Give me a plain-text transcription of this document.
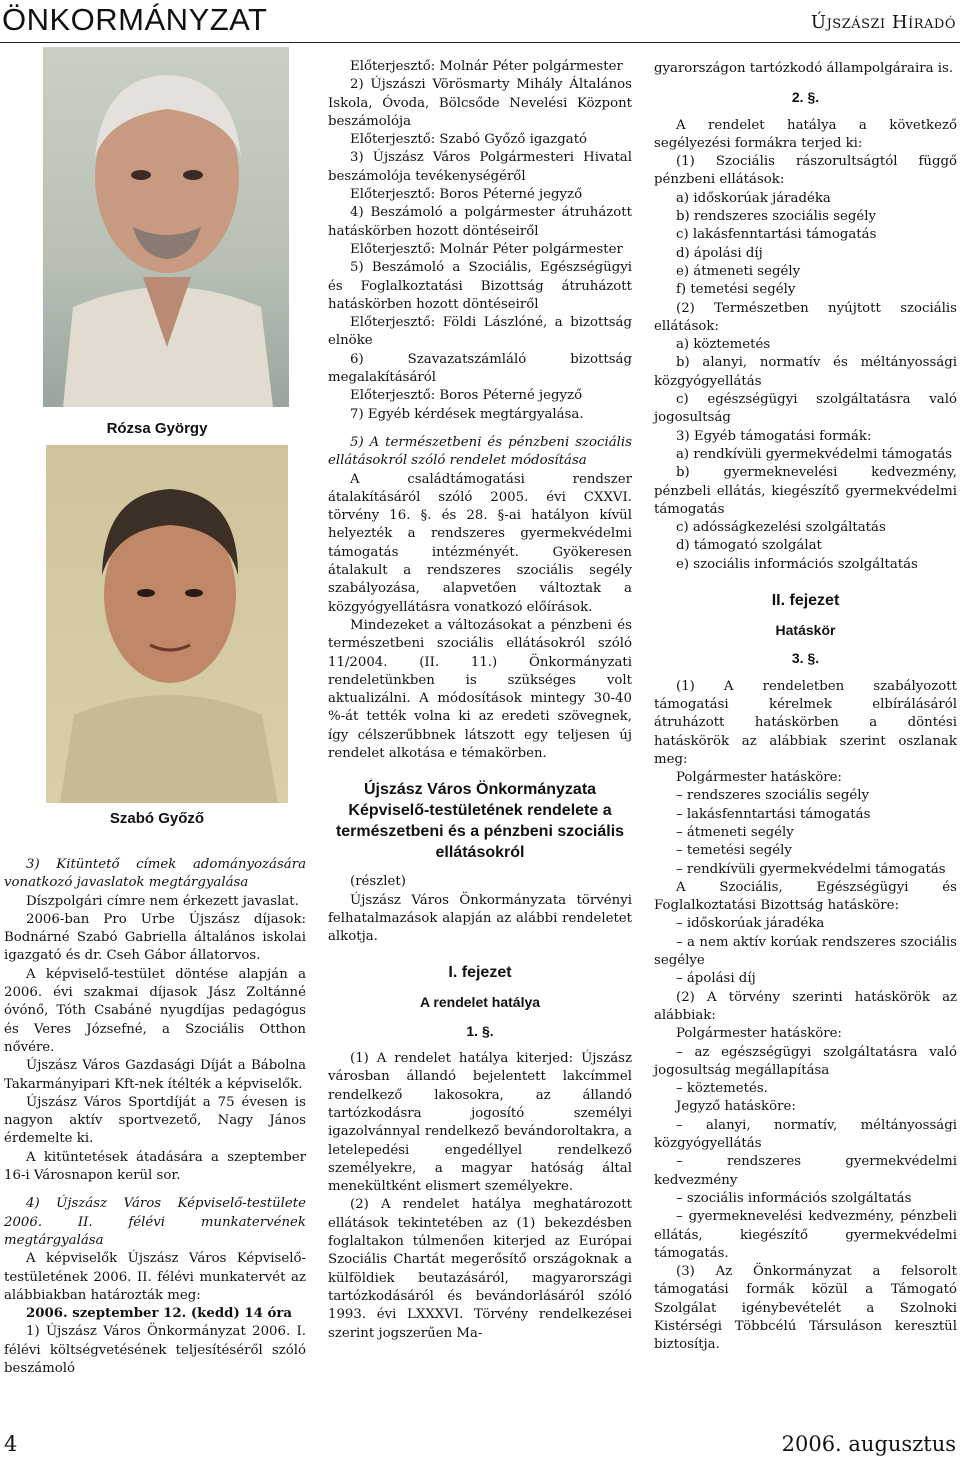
ÖNKORMÁNYZAT	Újszászi Híradó
Rózsa György
Szabó Győző

3) Kitüntető címek adományozására vonatkozó javaslatok megtárgyalása

Díszpolgári címre nem érkezett javaslat.

2006-ban Pro Urbe Újszász díjasok: Bodnárné Szabó Gabriella általános iskolai igazgató és dr. Cseh Gábor állatorvos.

A képviselő-testület döntése alapján a 2006. évi szakmai díjasok Jász Zoltánné óvónő, Tóth Csabáné nyugdíjas pedagógus és Veres Józsefné, a Szociális Otthon nővére.

Újszász Város Gazdasági Díját a Bábolna Takarmányipari Kft-nek ítélték a képviselők.

Újszász Város Sportdíját a 75 évesen is nagyon aktív sportvezető, Nagy János érdemelte ki.

A kitüntetések átadására a szeptember 16-i Városnapon kerül sor.

4) Újszász Város Képviselő-testülete 2006. II. félévi munkatervének megtárgyalása

A képviselők Újszász Város Képviselő-testületének 2006. II. félévi munkatervét az alábbiakban határozták meg:

2006. szeptember 12. (kedd) 14 óra

1) Újszász Város Önkormányzat 2006. I. félévi költségvetésének teljesítéséről szóló beszámoló

Előterjesztő: Molnár Péter polgármester

2) Újszászi Vörösmarty Mihály Általános Iskola, Óvoda, Bölcsőde Nevelési Központ beszámolója

Előterjesztő: Szabó Győző igazgató

3) Újszász Város Polgármesteri Hivatal beszámolója tevékenységéről

Előterjesztő: Boros Péterné jegyző

4) Beszámoló a polgármester átruházott hatáskörben hozott döntéseiről

Előterjesztő: Molnár Péter polgármester

5) Beszámoló a Szociális, Egészségügyi és Foglalkoztatási Bizottság átruházott hatáskörben hozott döntéseiről

Előterjesztő: Földi Lászlóné, a bizottság elnöke

6) Szavazatszámláló bizottság megalakításáról

Előterjesztő: Boros Péterné jegyző

7) Egyéb kérdések megtárgyalása.

5) A természetbeni és pénzbeni szociális ellátásokról szóló rendelet módosítása

A családtámogatási rendszer átalakításáról szóló 2005. évi CXXVI. törvény 16. §. és 28. §-ai hatályon kívül helyezték a rendszeres gyermekvédelmi támogatás intézményét. Gyökeresen átalakult a rendszeres szociális segély szabályozása, alapvetően változtak a közgyógyellátásra vonatkozó előírások.

Mindezeket a változásokat a pénzbeni és természetbeni szociális ellátásokról szóló 11/2004. (II. 11.) Önkormányzati rendeletünkben is szükséges volt aktualizálni. A módosítások mintegy 30-40 %-át tették volna ki az eredeti szövegnek, így célszerűbbnek látszott egy teljesen új rendelet alkotása e témakörben.

Újszász Város Önkormányzata Képviselő-testületének rendelete a természetbeni és a pénzbeni szociális ellátásokról

(részlet)

Újszász Város Önkormányzata törvényi felhatalmazások alapján az alábbi rendeletet alkotja.

I. fejezet

A rendelet hatálya

1. §.

(1) A rendelet hatálya kiterjed: Újszász városban állandó bejelentett lakcímmel rendelkező lakosokra, az állandó tartózkodásra jogosító személyi igazolvánnyal rendelkező bevándoroltakra, a letelepedési engedéllyel rendelkező személyekre, a magyar hatóság által menekültként elismert személyekre.

(2) A rendelet hatálya meghatározott ellátások tekintetében az (1) bekezdésben foglaltakon túlmenően kiterjed az Európai Szociális Chartát megerősítő országoknak a külföldiek beutazásáról, magyarországi tartózkodásáról és bevándorlásáról szóló 1993. évi LXXXVI. Törvény rendelkezései szerint jogszerűen Ma-

gyarországon tartózkodó állampolgáraira is.

2. §.

A rendelet hatálya a következő segélyezési formákra terjed ki:

(1) Szociális rászorultságtól függő pénzbeni ellátások:

a) időskorúak járadéka

b) rendszeres szociális segély

c) lakásfenntartási támogatás

d) ápolási díj

e) átmeneti segély

f) temetési segély

(2) Természetben nyújtott szociális ellátások:

a) köztemetés

b) alanyi, normatív és méltányossági közgyógyellátás

c) egészségügyi szolgáltatásra való jogosultság

3) Egyéb támogatási formák:

a) rendkívüli gyermekvédelmi támogatás

b) gyermeknevelési kedvezmény, pénzbeli ellátás, kiegészítő gyermekvédelmi támogatás

c) adósságkezelési szolgáltatás

d) támogató szolgálat

e) szociális információs szolgáltatás

II. fejezet

Hatáskör

3. §.

(1) A rendeletben szabályozott támogatási kérelmek elbírálásáról átruházott hatáskörben a döntési hatáskörök az alábbiak szerint oszlanak meg:

Polgármester hatásköre:

– rendszeres szociális segély

– lakásfenntartási támogatás

– átmeneti segély

– temetési segély

– rendkívüli gyermekvédelmi támogatás

A Szociális, Egészségügyi és Foglalkoztatási Bizottság hatásköre:

– időskorúak járadéka

– a nem aktív korúak rendszeres szociális segélye

– ápolási díj

(2) A törvény szerinti hatáskörök az alábbiak:

Polgármester hatásköre:

– az egészségügyi szolgáltatásra való jogosultság megállapítása

– köztemetés.

Jegyző hatásköre:

– alanyi, normatív, méltányossági közgyógyellátás

– rendszeres gyermekvédelmi kedvezmény

– szociális információs szolgáltatás

– gyermeknevelési kedvezmény, pénzbeli ellátás, kiegészítő gyermekvédelmi támogatás.

(3) Az Önkormányzat a felsorolt támogatási formák közül a Támogató Szolgálat igénybevételét a Szolnoki Kistérségi Többcélú Társuláson keresztül biztosítja.

4	2006. augusztus
